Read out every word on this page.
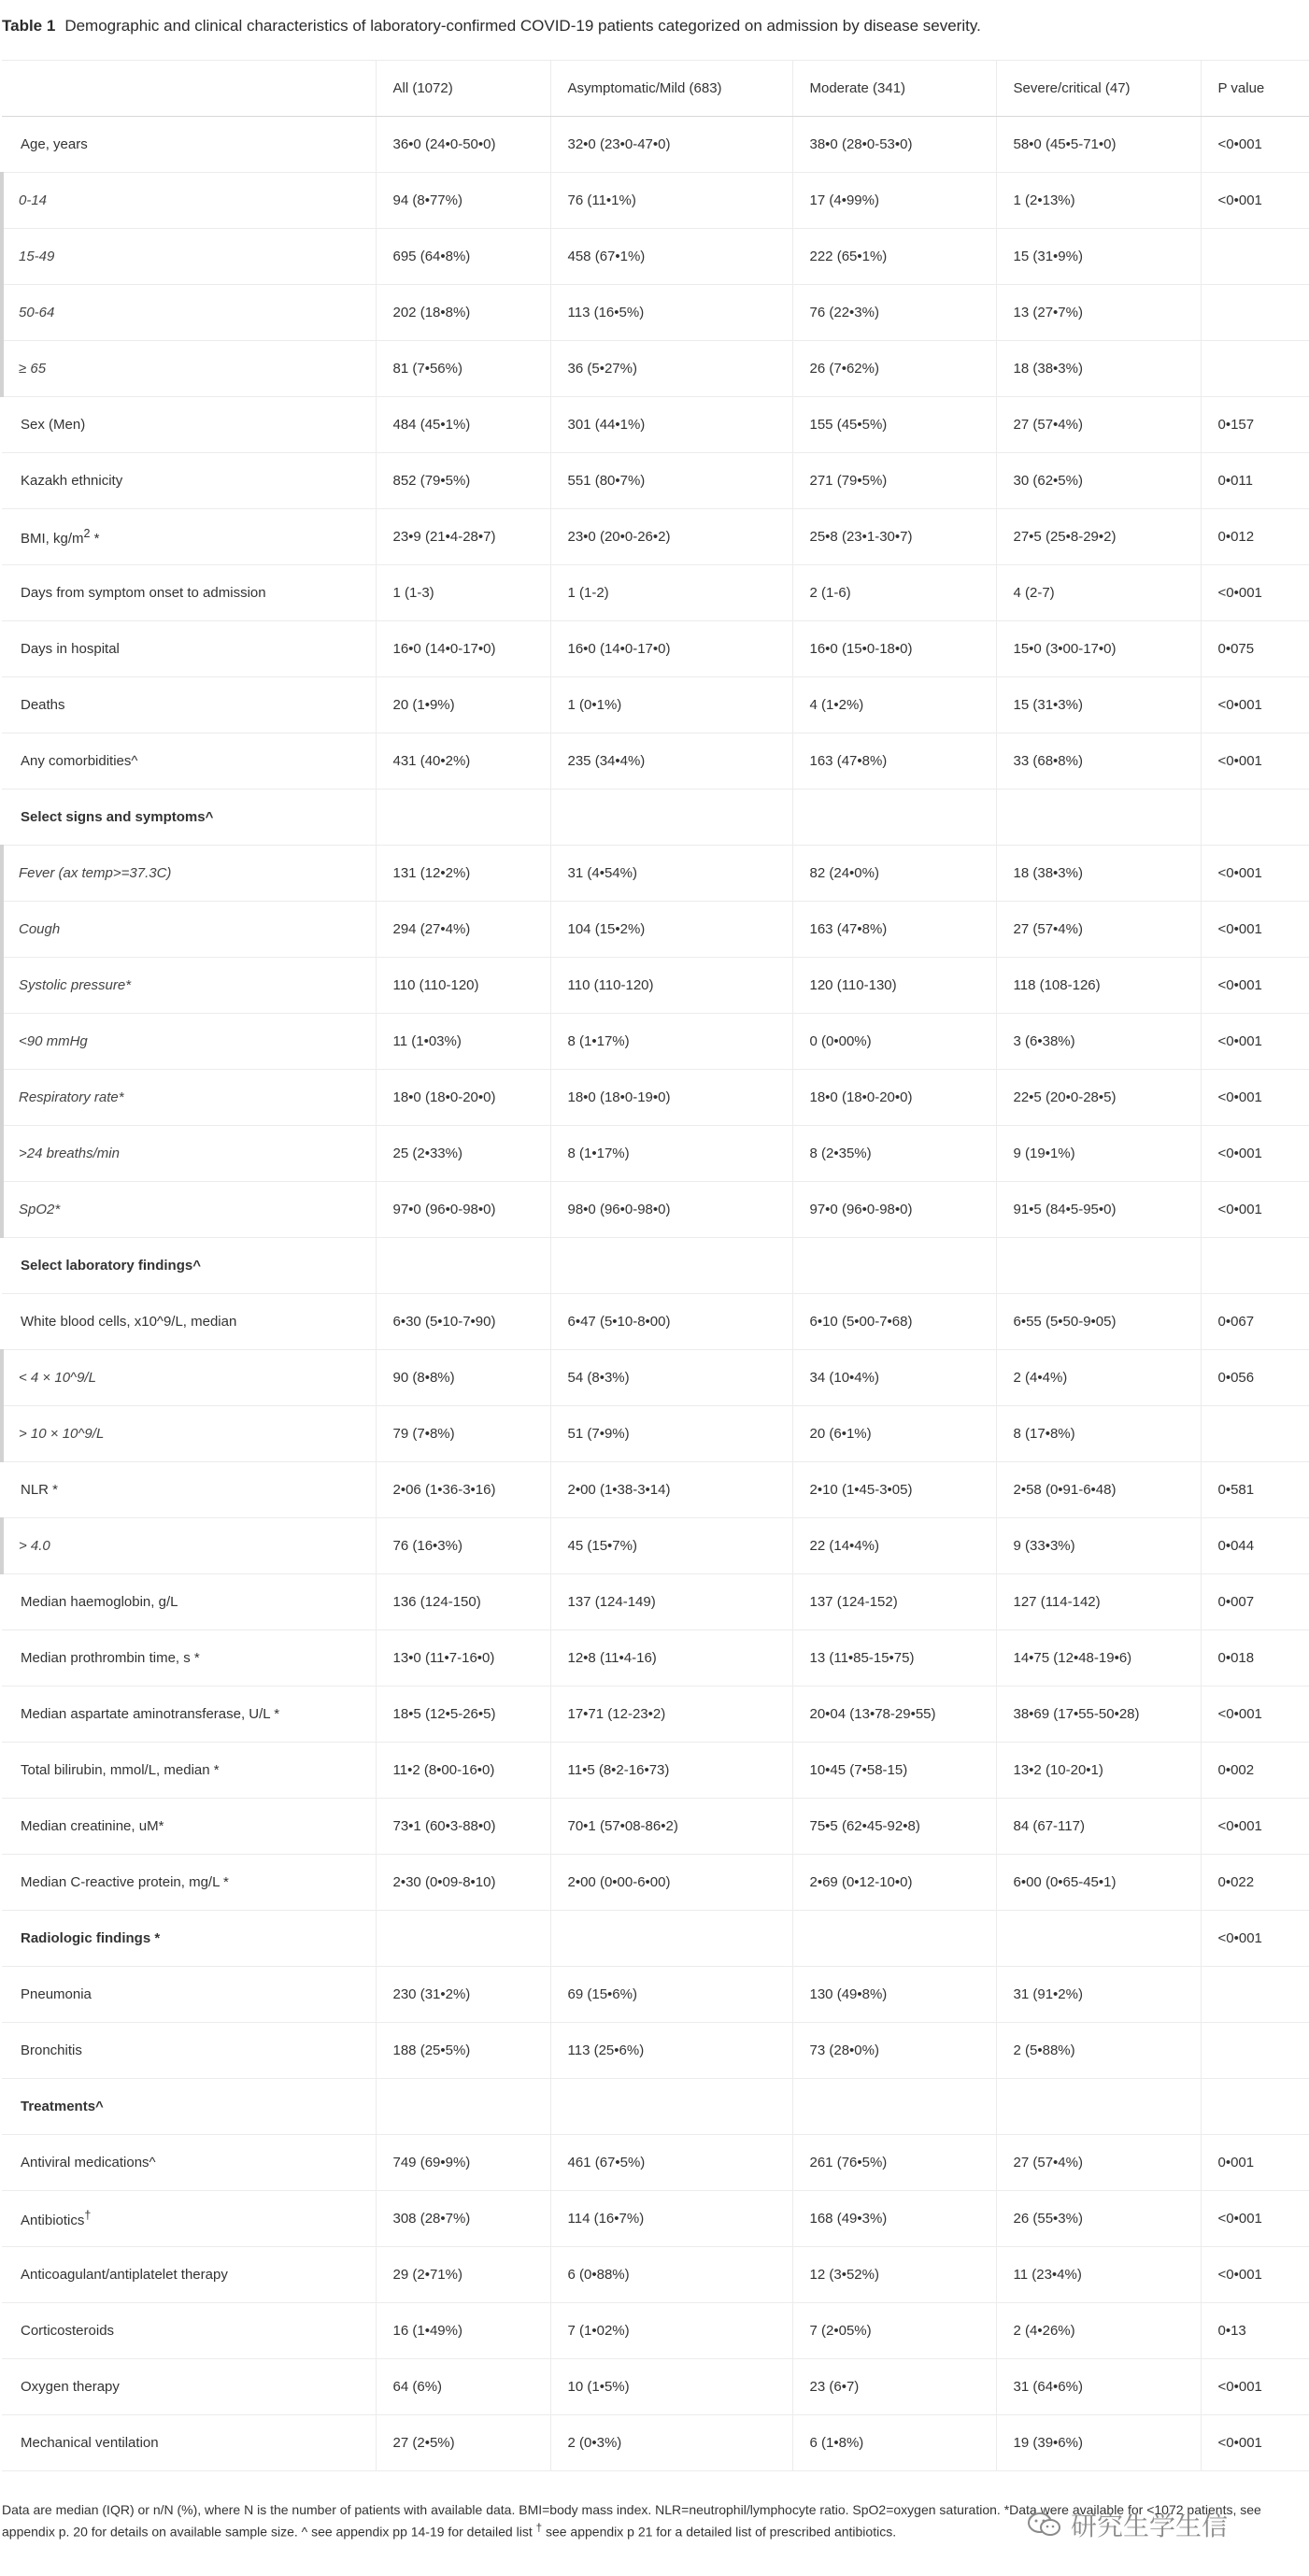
Table 1 Demographic and clinical characteristics of laboratory-confirmed COVID-19 patients categorized on admission by disease severity.
	All (1072)	Asymptomatic/Mild (683)	Moderate (341)	Severe/critical (47)	P value
Age, years	36•0 (24•0-50•0)	32•0 (23•0-47•0)	38•0 (28•0-53•0)	58•0 (45•5-71•0)	<0•001
0-14	94 (8•77%)	76 (11•1%)	17 (4•99%)	1 (2•13%)	<0•001
15-49	695 (64•8%)	458 (67•1%)	222 (65•1%)	15 (31•9%)	
50-64	202 (18•8%)	113 (16•5%)	76 (22•3%)	13 (27•7%)	
≥ 65	81 (7•56%)	36 (5•27%)	26 (7•62%)	18 (38•3%)	
Sex (Men)	484 (45•1%)	301 (44•1%)	155 (45•5%)	27 (57•4%)	0•157
Kazakh ethnicity	852 (79•5%)	551 (80•7%)	271 (79•5%)	30 (62•5%)	0•011
BMI, $kg/m^2$ *	23•9 (21•4-28•7)	23•0 (20•0-26•2)	25•8 (23•1-30•7)	27•5 (25•8-29•2)	0•012
Days from symptom onset to admission	1 (1-3)	1 (1-2)	2 (1-6)	4 (2-7)	<0•001
Days in hospital	16•0 (14•0-17•0)	16•0 (14•0-17•0)	16•0 (15•0-18•0)	15•0 (3•00-17•0)	0•075
Deaths	20 (1•9%)	1 (0•1%)	4 (1•2%)	15 (31•3%)	<0•001
Any comorbidities^	431 (40•2%)	235 (34•4%)	163 (47•8%)	33 (68•8%)	<0•001
Select signs and symptoms^					
Fever (ax temp>=37.3C)	131 (12•2%)	31 (4•54%)	82 (24•0%)	18 (38•3%)	<0•001
Cough	294 (27•4%)	104 (15•2%)	163 (47•8%)	27 (57•4%)	<0•001
Systolic pressure*	110 (110-120)	110 (110-120)	120 (110-130)	118 (108-126)	<0•001
<90 mmHg	11 (1•03%)	8 (1•17%)	0 (0•00%)	3 (6•38%)	<0•001
Respiratory rate*	18•0 (18•0-20•0)	18•0 (18•0-19•0)	18•0 (18•0-20•0)	22•5 (20•0-28•5)	<0•001
>24 breaths/min	25 (2•33%)	8 (1•17%)	8 (2•35%)	9 (19•1%)	<0•001
SpO2*	97•0 (96•0-98•0)	98•0 (96•0-98•0)	97•0 (96•0-98•0)	91•5 (84•5-95•0)	<0•001
Select laboratory findings^					
White blood cells, x10^9/L, median	6•30 (5•10-7•90)	6•47 (5•10-8•00)	6•10 (5•00-7•68)	6•55 (5•50-9•05)	0•067
< 4 × 10^9/L	90 (8•8%)	54 (8•3%)	34 (10•4%)	2 (4•4%)	0•056
> 10 × 10^9/L	79 (7•8%)	51 (7•9%)	20 (6•1%)	8 (17•8%)	
NLR *	2•06 (1•36-3•16)	2•00 (1•38-3•14)	2•10 (1•45-3•05)	2•58 (0•91-6•48)	0•581
> 4.0	76 (16•3%)	45 (15•7%)	22 (14•4%)	9 (33•3%)	0•044
Median haemoglobin, g/L	136 (124-150)	137 (124-149)	137 (124-152)	127 (114-142)	0•007
Median prothrombin time, s *	13•0 (11•7-16•0)	12•8 (11•4-16)	13 (11•85-15•75)	14•75 (12•48-19•6)	0•018
Median aspartate aminotransferase, U/L *	18•5 (12•5-26•5)	17•71 (12-23•2)	20•04 (13•78-29•55)	38•69 (17•55-50•28)	<0•001
Total bilirubin, mmol/L, median *	11•2 (8•00-16•0)	11•5 (8•2-16•73)	10•45 (7•58-15)	13•2 (10-20•1)	0•002
Median creatinine, uM*	73•1 (60•3-88•0)	70•1 (57•08-86•2)	75•5 (62•45-92•8)	84 (67-117)	<0•001
Median C-reactive protein, mg/L *	2•30 (0•09-8•10)	2•00 (0•00-6•00)	2•69 (0•12-10•0)	6•00 (0•65-45•1)	0•022
Radiologic findings *					<0•001
Pneumonia	230 (31•2%)	69 (15•6%)	130 (49•8%)	31 (91•2%)	
Bronchitis	188 (25•5%)	113 (25•6%)	73 (28•0%)	2 (5•88%)	
Treatments^					
Antiviral medications^	749 (69•9%)	461 (67•5%)	261 (76•5%)	27 (57•4%)	0•001
Antibiotics†	308 (28•7%)	114 (16•7%)	168 (49•3%)	26 (55•3%)	<0•001
Anticoagulant/antiplatelet therapy	29 (2•71%)	6 (0•88%)	12 (3•52%)	11 (23•4%)	<0•001
Corticosteroids	16 (1•49%)	7 (1•02%)	7 (2•05%)	2 (4•26%)	0•13
Oxygen therapy	64 (6%)	10 (1•5%)	23 (6•7)	31 (64•6%)	<0•001
Mechanical ventilation	27 (2•5%)	2 (0•3%)	6 (1•8%)	19 (39•6%)	<0•001
Data are median (IQR) or n/N (%), where N is the number of patients with available data. BMI=body mass index. NLR=neutrophil/lymphocyte ratio. SpO2=oxygen saturation. *Data were available for <1072 patients, see
appendix p. 20 for details on available sample size. ^ see appendix pp 14-19 for detailed list † see appendix p 21 for a detailed list of prescribed antibiotics.	研究生学生信
